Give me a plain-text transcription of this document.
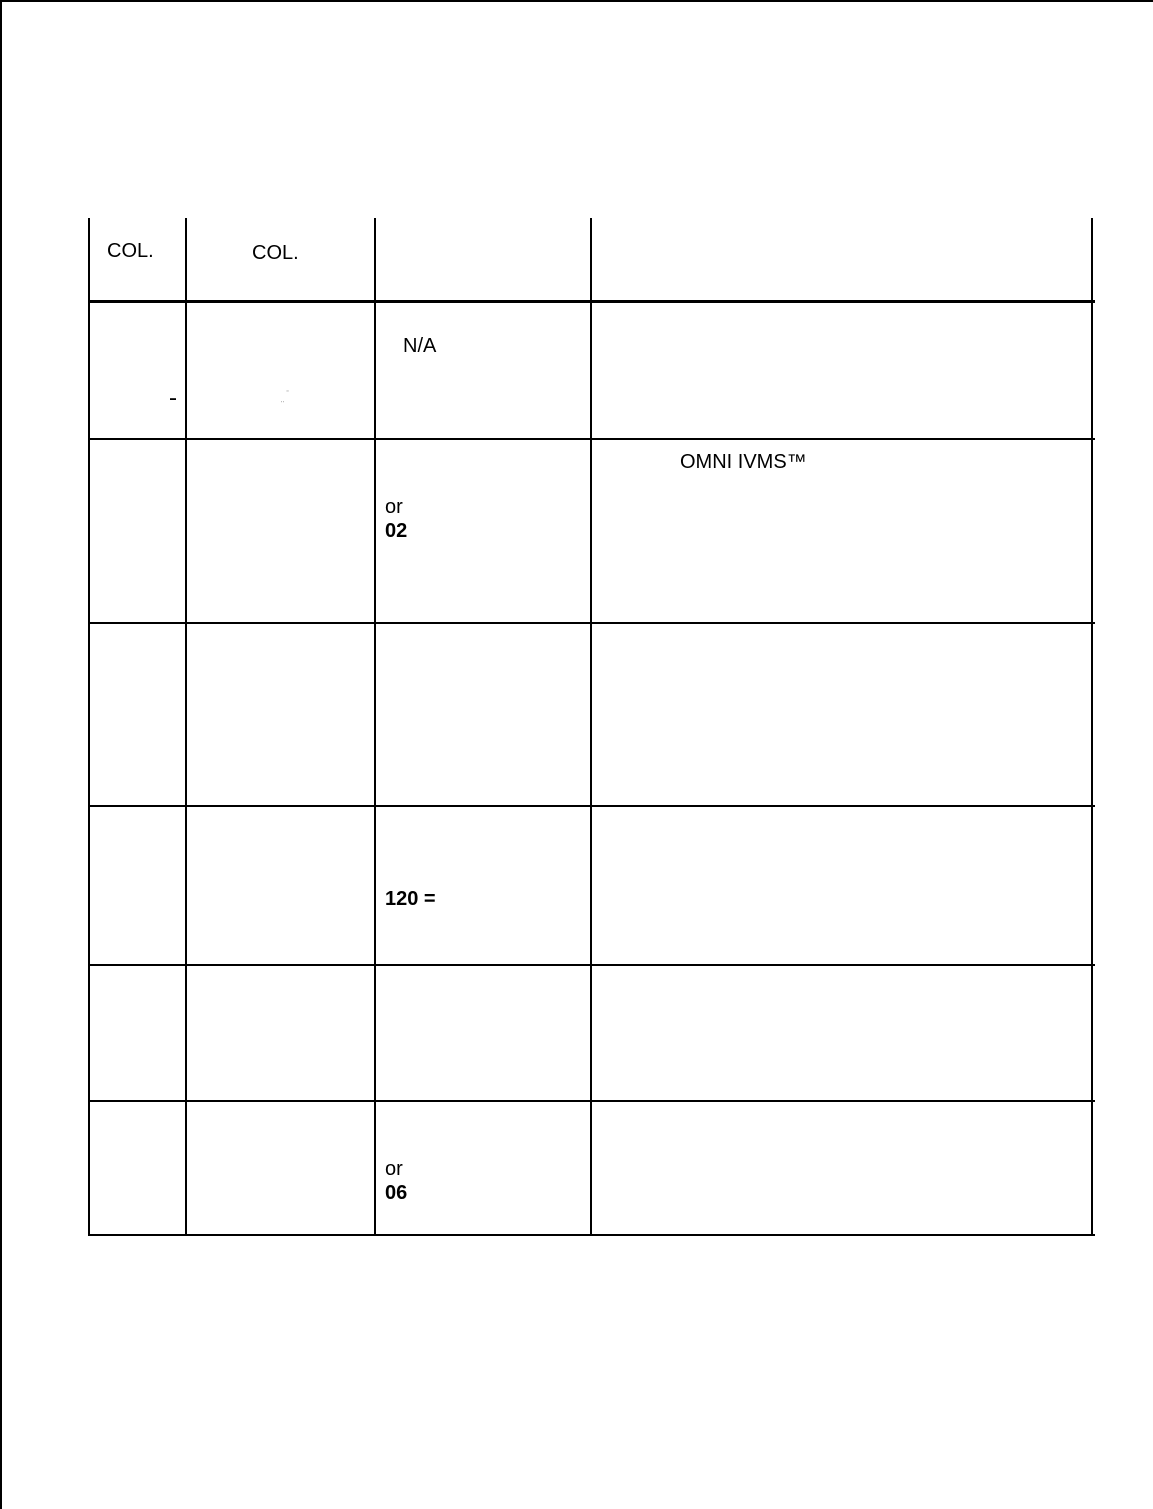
COL.	COL.
N/A
▬
⁻
˙˙
OMNI IVMS™
or
02
120 =
or
06
